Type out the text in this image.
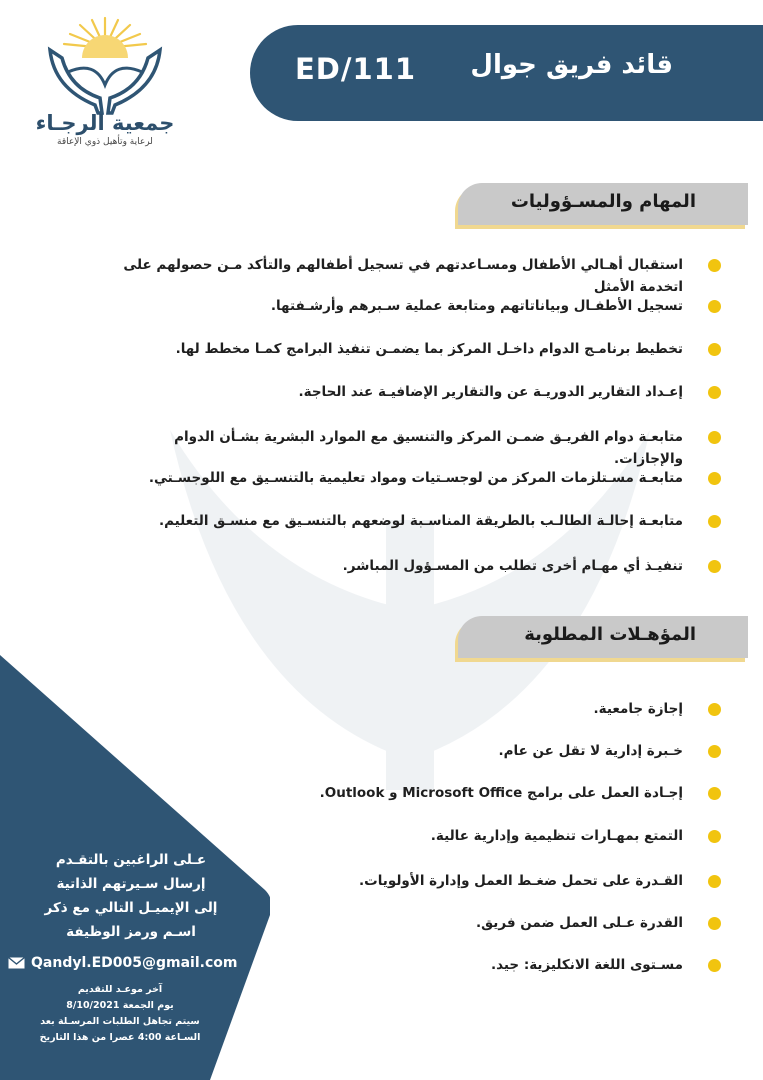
جمعية الرجـاء
لرعاية وتأهيل ذوي الإعاقة
قائد فريق جوال
ED/111
المهام والمسـؤوليات
استقبال أهـالي الأطفال ومسـاعدتهم في تسجيل أطفالهم والتأكد مـن حصولهم على اتخدمة الأمثل
تسجيل الأطفـال وبياناتاتهم ومتابعة عملية سـبرهم وأرشـفتها.
تخطيط برنامـج الدوام داخـل المركز بما يضمـن تنفيذ البرامج كمـا مخطط لها.
إعـداد التقارير الدوريـة عن والتقارير الإضافيـة عند الحاجة.
متابعـة دوام الفريـق ضمـن المركز والتنسيق مع الموارد البشرية بشـأن الدوام والإجازات.
متابعـة مسـتلزمات المركز من لوجسـتيات ومواد تعليمية بالتنسـيق مع اللوجسـتي.
متابعـة إحالـة الطالـب بالطريقة المناسـبة لوضعهم بالتنسـيق مع منسـق التعليم.
تنفيـذ أي مهـام أخرى تطلب من المسـؤول المباشر.
المؤهـلات المطلوبة
إجازة جامعية.
خـبرة إدارية لا تقل عن عام.
إجـادة العمل على برامج Microsoft Office و Outlook.
التمتع بمهـارات تنظيمية وإدارية عالية.
القـدرة على تحمل ضغـط العمل وإدارة الأولويات.
القدرة عـلى العمل ضمن فريق.
مسـتوى اللغة الانكليزية: جيد.
عـلى الراغبين بالتقـدم
إرسال سـيرتهم الذاتية
إلى الإيميـل التالي مع ذكر
اسـم ورمز الوظيفة
Qandyl.ED005@gmail.com
آخر موعـد للتقديم
يوم الجمعة 8/10/2021
سيتم تجاهل الطلبات المرسـلة بعد
السـاعة 4:00 عصرا من هذا التاريخ
